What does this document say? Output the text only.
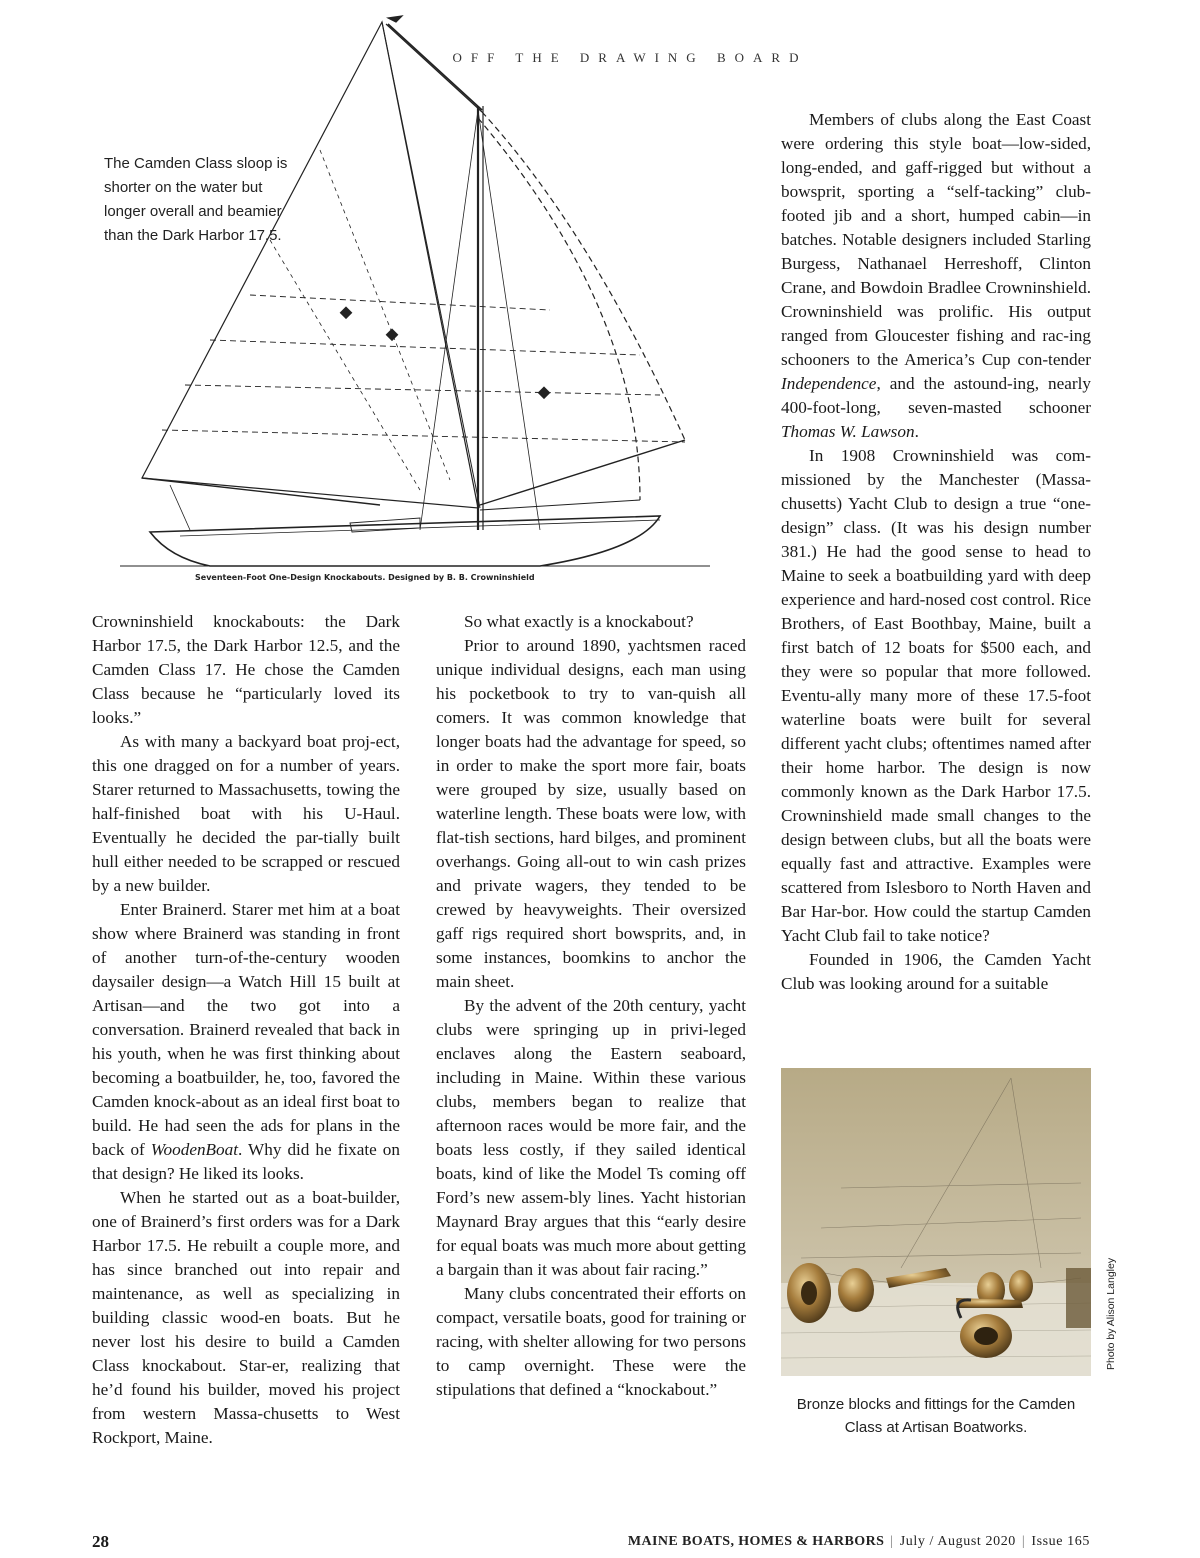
OFF THE DRAWING BOARD
Seventeen-Foot One-Design Knockabouts. Designed by B. B. Crowninshield
The Camden Class sloop is shorter on the water but longer overall and beamier than the Dark Harbor 17.5.

Crowninshield knockabouts: the Dark Harbor 17.5, the Dark Harbor 12.5, and the Camden Class 17. He chose the Camden Class because he “particularly loved its looks.”

As with many a backyard boat proj-ect, this one dragged on for a number of years. Starer returned to Massachusetts, towing the half-finished boat with his U-Haul. Eventually he decided the par-tially built hull either needed to be scrapped or rescued by a new builder.

Enter Brainerd. Starer met him at a boat show where Brainerd was standing in front of another turn-of-the-century wooden daysailer design—a Watch Hill 15 built at Artisan—and the two got into a conversation. Brainerd revealed that back in his youth, when he was first thinking about becoming a boatbuilder, he, too, favored the Camden knock-about as an ideal first boat to build. He had seen the ads for plans in the back of WoodenBoat. Why did he fixate on that design? He liked its looks.

When he started out as a boat-builder, one of Brainerd’s first orders was for a Dark Harbor 17.5. He rebuilt a couple more, and has since branched out into repair and maintenance, as well as specializing in building classic wood-en boats. But he never lost his desire to build a Camden Class knockabout. Star-er, realizing that he’d found his builder, moved his project from western Massa-chusetts to West Rockport, Maine.

So what exactly is a knockabout?

Prior to around 1890, yachtsmen raced unique individual designs, each man using his pocketbook to try to van-quish all comers. It was common knowledge that longer boats had the advantage for speed, so in order to make the sport more fair, boats were grouped by size, usually based on waterline length. These boats were low, with flat-tish sections, hard bilges, and prominent overhangs. Going all-out to win cash prizes and private wagers, they tended to be crewed by heavyweights. Their oversized gaff rigs required short bowsprits, and, in some instances, boomkins to anchor the main sheet.

By the advent of the 20th century, yacht clubs were springing up in privi-leged enclaves along the Eastern seaboard, including in Maine. Within these various clubs, members began to realize that afternoon races would be more fair, and the boats less costly, if they sailed identical boats, kind of like the Model Ts coming off Ford’s new assem-bly lines. Yacht historian Maynard Bray argues that this “early desire for equal boats was much more about getting a bargain than it was about fair racing.”

Many clubs concentrated their efforts on compact, versatile boats, good for training or racing, with shelter allowing for two persons to camp overnight. These were the stipulations that defined a “knockabout.”

Members of clubs along the East Coast were ordering this style boat—low-sided, long-ended, and gaff-rigged but without a bowsprit, sporting a “self-tacking” club-footed jib and a short, humped cabin—in batches. Notable designers included Starling Burgess, Nathanael Herreshoff, Clinton Crane, and Bowdoin Bradlee Crowninshield. Crowninshield was prolific. His output ranged from Gloucester fishing and rac-ing schooners to the America’s Cup con-tender Independence, and the astound-ing, nearly 400-foot-long, seven-masted schooner Thomas W. Lawson.

In 1908 Crowninshield was com-missioned by the Manchester (Massa-chusetts) Yacht Club to design a true “one-design” class. (It was his design number 381.) He had the good sense to head to Maine to seek a boatbuilding yard with deep experience and hard-nosed cost control. Rice Brothers, of East Boothbay, Maine, built a first batch of 12 boats for $500 each, and they were so popular that more followed. Eventu-ally many more of these 17.5-foot waterline boats were built for several different yacht clubs; oftentimes named after their home harbor. The design is now commonly known as the Dark Harbor 17.5. Crowninshield made small changes to the design between clubs, but all the boats were equally fast and attractive. Examples were scattered from Islesboro to North Haven and Bar Har-bor. How could the startup Camden Yacht Club fail to take notice?

Founded in 1906, the Camden Yacht Club was looking around for a suitable

Photo by Alison Langley
Bronze blocks and fittings for the Camden Class at Artisan Boatworks.
28	MAINE BOATS, HOMES & HARBORS | July / August 2020 | Issue 165
